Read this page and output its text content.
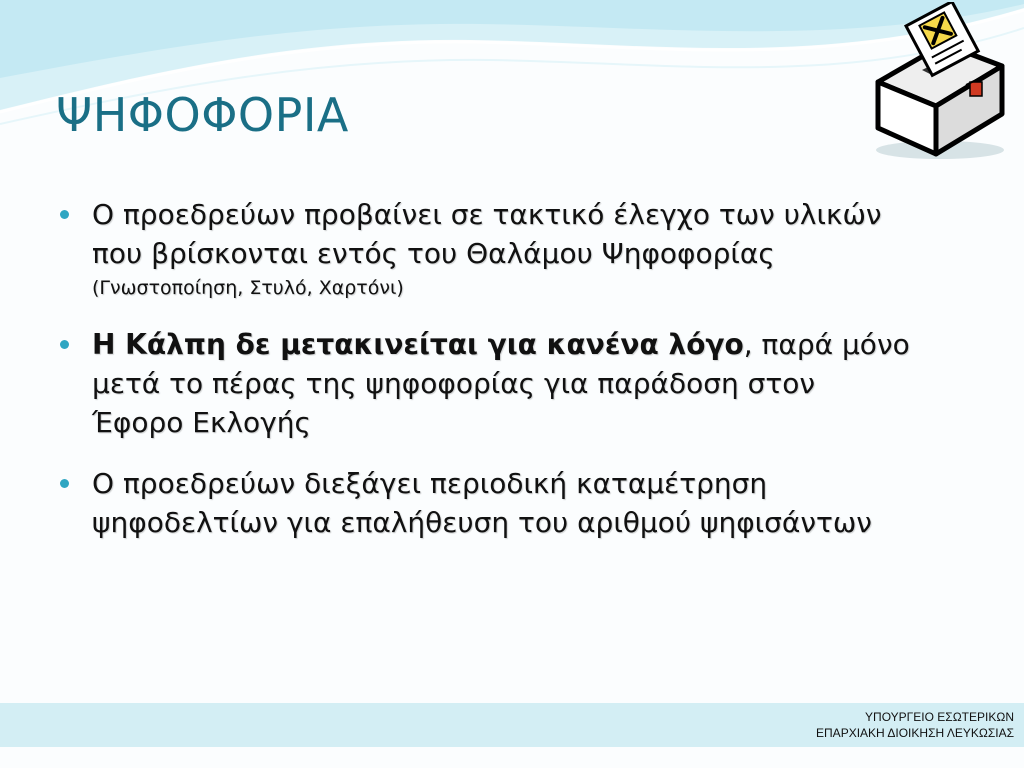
ΨΗΦΟΦΟΡΙΑ
Ο προεδρεύων προβαίνει σε τακτικό έλεγχο των υλικών
που βρίσκονται εντός του Θαλάμου Ψηφοφορίας
(Γνωστοποίηση, Στυλό, Χαρτόνι)
Η Κάλπη δε μετακινείται για κανένα λόγο, παρά μόνο
μετά το πέρας της ψηφοφορίας για παράδοση στον
Έφορο Εκλογής
Ο προεδρεύων διεξάγει περιοδική καταμέτρηση
ψηφοδελτίων για επαλήθευση του αριθμού ψηφισάντων
ΥΠΟΥΡΓΕΙΟ ΕΣΩΤΕΡΙΚΩΝ
ΕΠΑΡΧΙΑΚΗ ΔΙΟΙΚΗΣΗ ΛΕΥΚΩΣΙΑΣ
